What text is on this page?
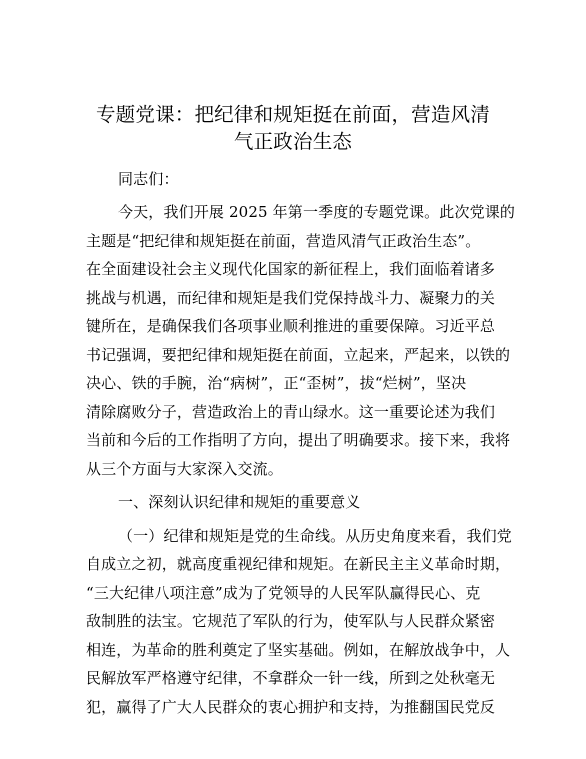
专题党课：把纪律和规矩挺在前面，营造风清
气正政治生态

同志们：

今天，我们开展 2025 年第一季度的专题党课。此次党课的

主题是“把纪律和规矩挺在前面，营造风清气正政治生态”。

在全面建设社会主义现代化国家的新征程上，我们面临着诸多

挑战与机遇，而纪律和规矩是我们党保持战斗力、凝聚力的关

键所在，是确保我们各项事业顺利推进的重要保障。习近平总

书记强调，要把纪律和规矩挺在前面，立起来，严起来，以铁的

决心、铁的手腕，治“病树”，正“歪树”，拔“烂树”，坚决

清除腐败分子，营造政治上的青山绿水。这一重要论述为我们

当前和今后的工作指明了方向，提出了明确要求。接下来，我将

从三个方面与大家深入交流。

一、深刻认识纪律和规矩的重要意义

（一）纪律和规矩是党的生命线。从历史角度来看，我们党

自成立之初，就高度重视纪律和规矩。在新民主主义革命时期，

“三大纪律八项注意”成为了党领导的人民军队赢得民心、克

敌制胜的法宝。它规范了军队的行为，使军队与人民群众紧密

相连，为革命的胜利奠定了坚实基础。例如，在解放战争中，人

民解放军严格遵守纪律，不拿群众一针一线，所到之处秋毫无

犯，赢得了广大人民群众的衷心拥护和支持，为推翻国民党反
